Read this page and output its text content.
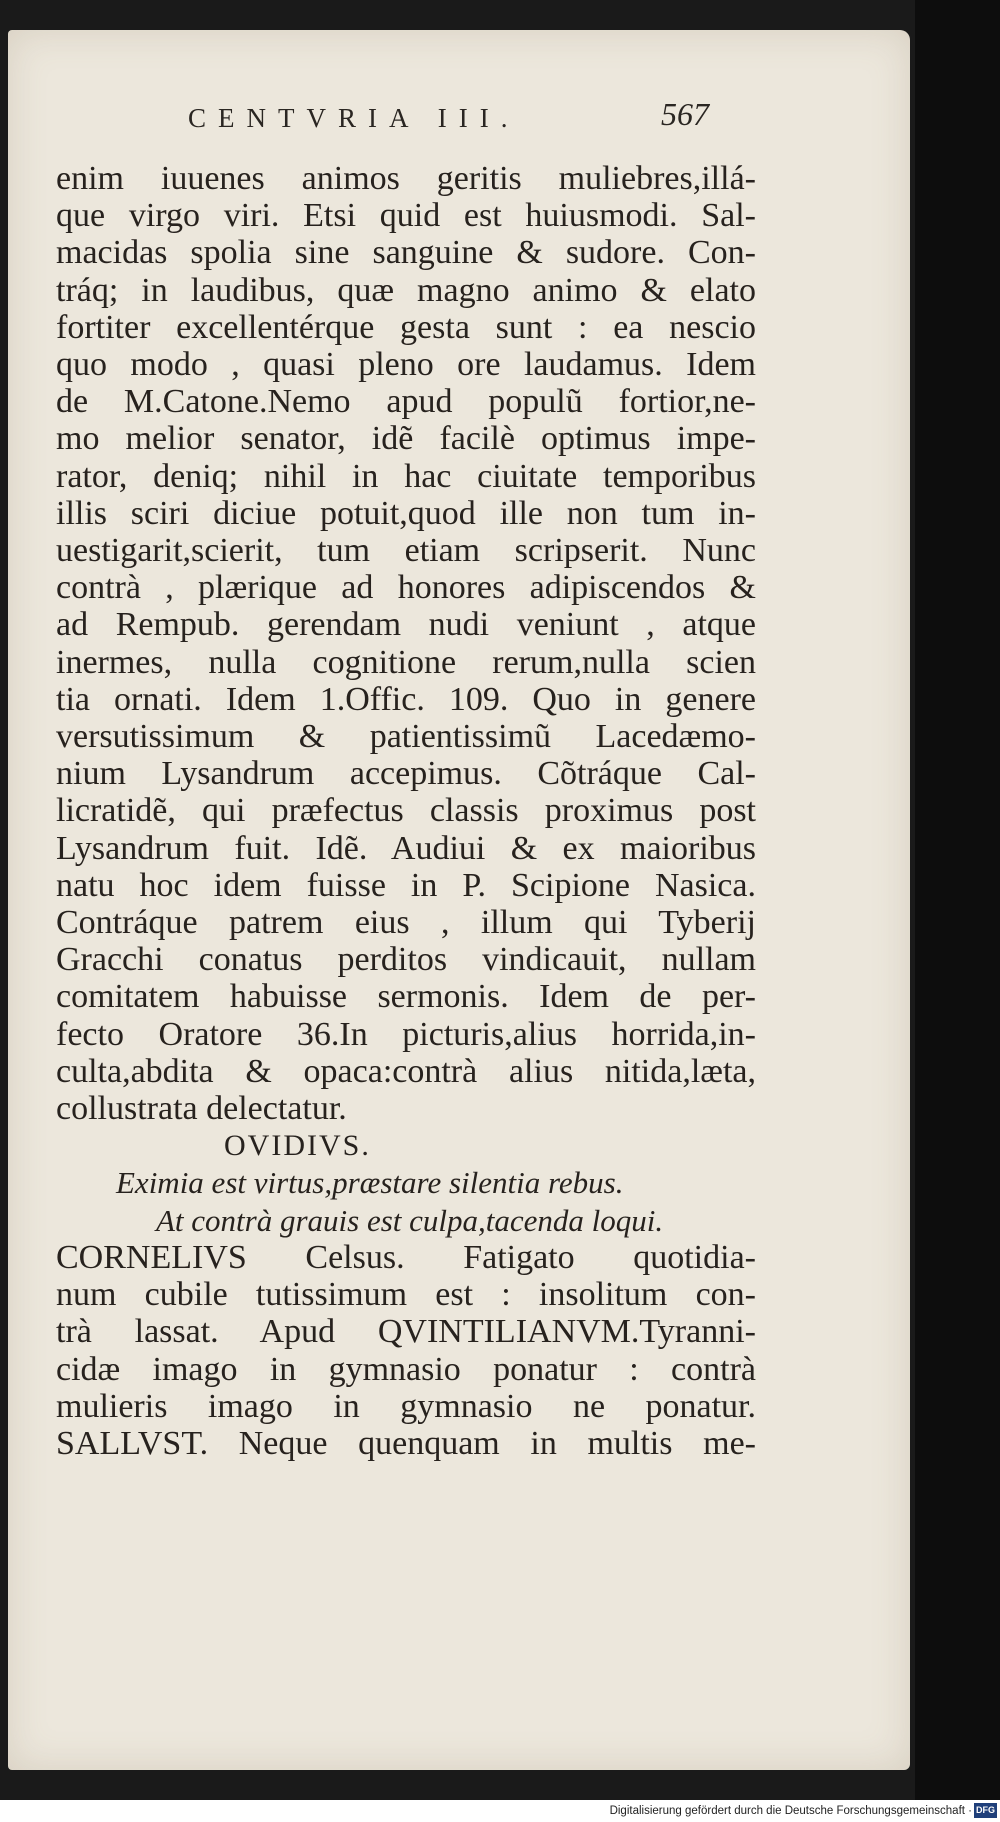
CENTVRIA III.	567
enim iuuenes animos geritis muliebres,illá-
que virgo viri. Etsi quid est huiusmodi. Sal-
macidas spolia sine sanguine & sudore. Con-
tráq; in laudibus, quæ magno animo & elato
fortiter excellentérque gesta sunt : ea nescio
quo modo , quasi pleno ore laudamus. Idem
de M.Catone.Nemo apud populũ fortior,ne-
mo melior senator, idẽ facilè optimus impe-
rator, deniq; nihil in hac ciuitate temporibus
illis sciri diciue potuit,quod ille non tum in-
uestigarit,scierit, tum etiam scripserit. Nunc
contrà , plærique ad honores adipiscendos &
ad Rempub. gerendam nudi veniunt , atque
inermes, nulla cognitione rerum,nulla scien
tia ornati. Idem 1.Offic. 109. Quo in genere
versutissimum & patientissimũ Lacedæmo-
nium Lysandrum accepimus. Cõtráque Cal-
licratidẽ, qui præfectus classis proximus post
Lysandrum fuit. Idẽ. Audiui & ex maioribus
natu hoc idem fuisse in P. Scipione Nasica.
Contráque patrem eius , illum qui Tyberij
Gracchi conatus perditos vindicauit, nullam
comitatem habuisse sermonis. Idem de per-
fecto Oratore 36.In picturis,alius horrida,in-
culta,abdita & opaca:contrà alius nitida,læta,
collustrata delectatur.
OVIDIVS.
Eximia est virtus,præstare silentia rebus.
At contrà grauis est culpa,tacenda loqui.
CORNELIVS Celsus. Fatigato quotidia-
num cubile tutissimum est : insolitum con-
trà lassat. Apud QVINTILIANVM.Tyranni-
cidæ imago in gymnasio ponatur : contrà
mulieris imago in gymnasio ne ponatur.
SALLVST. Neque quenquam in multis me-
Digitalisierung gefördert durch die Deutsche Forschungsgemeinschaft · DFG
